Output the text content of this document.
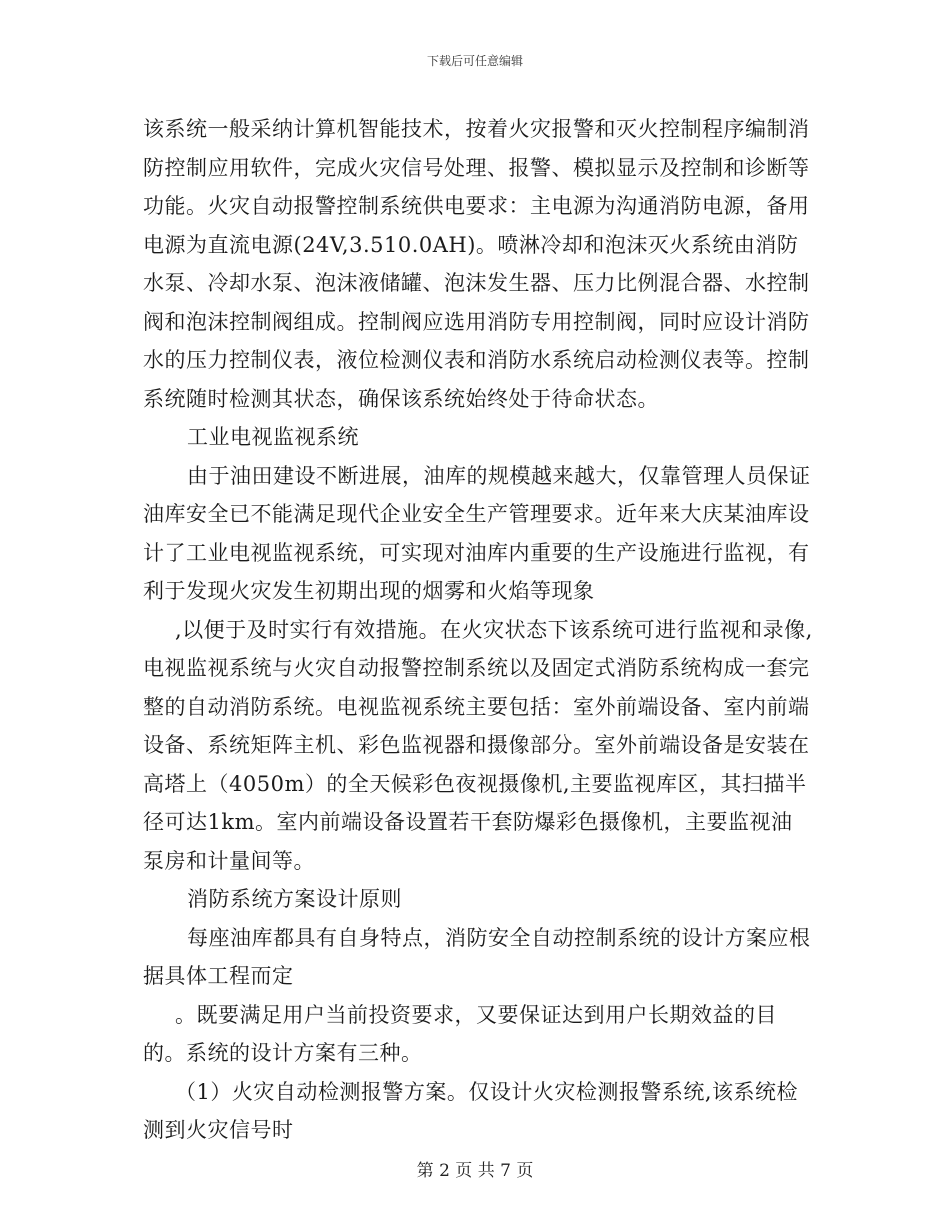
下载后可任意编辑

该系统一般采纳计算机智能技术，按着火灾报警和灭火控制程序编制消防控制应用软件，完成火灾信号处理、报警、模拟显示及控制和诊断等功能。火灾自动报警控制系统供电要求：主电源为沟通消防电源，备用电源为直流电源(24V,3.510.0AH)。喷淋冷却和泡沫灭火系统由消防水泵、冷却水泵、泡沫液储罐、泡沫发生器、压力比例混合器、水控制阀和泡沫控制阀组成。控制阀应选用消防专用控制阀，同时应设计消防水的压力控制仪表，液位检测仪表和消防水系统启动检测仪表等。控制系统随时检测其状态，确保该系统始终处于待命状态。

工业电视监视系统

由于油田建设不断进展，油库的规模越来越大，仅靠管理人员保证油库安全已不能满足现代企业安全生产管理要求。近年来大庆某油库设计了工业电视监视系统，可实现对油库内重要的生产设施进行监视，有利于发现火灾发生初期出现的烟雾和火焰等现象

,以便于及时实行有效措施。在火灾状态下该系统可进行监视和录像,电视监视系统与火灾自动报警控制系统以及固定式消防系统构成一套完整的自动消防系统。电视监视系统主要包括：室外前端设备、室内前端设备、系统矩阵主机、彩色监视器和摄像部分。室外前端设备是安装在高塔上（4050m）的全天候彩色夜视摄像机,主要监视库区，其扫描半径可达1km。室内前端设备设置若干套防爆彩色摄像机，主要监视油泵房和计量间等。

消防系统方案设计原则

每座油库都具有自身特点，消防安全自动控制系统的设计方案应根据具体工程而定

。既要满足用户当前投资要求，又要保证达到用户长期效益的目的。系统的设计方案有三种。

（1）火灾自动检测报警方案。仅设计火灾检测报警系统,该系统检测到火灾信号时

第 2 页 共 7 页
